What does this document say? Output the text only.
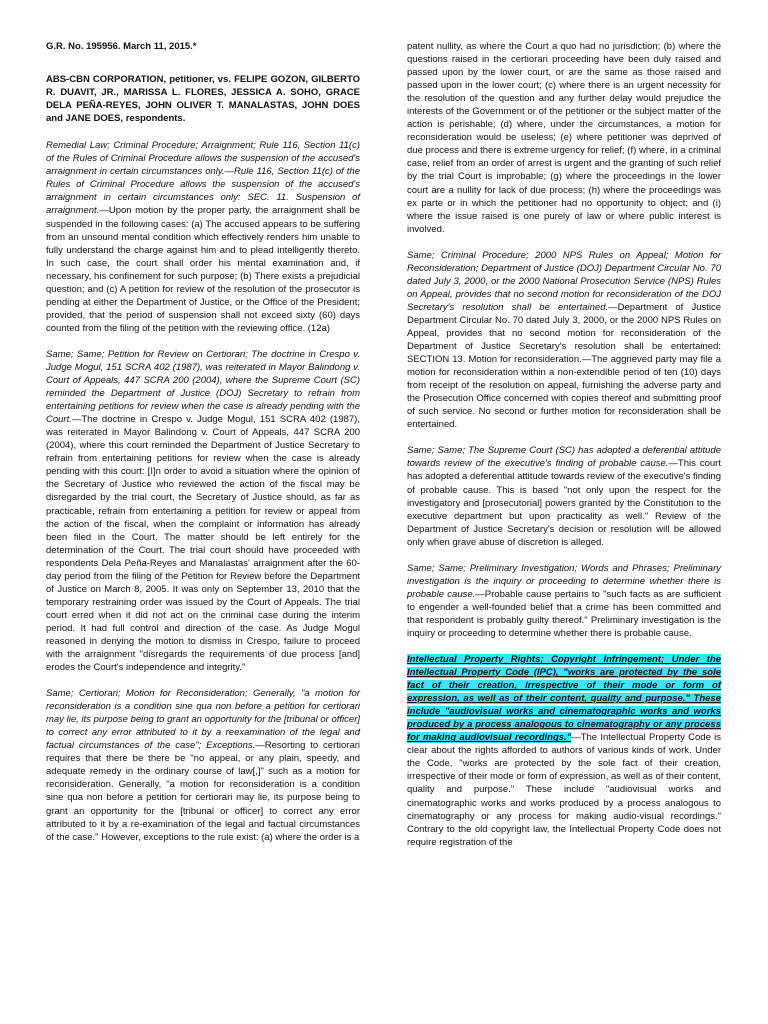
G.R. No. 195956. March 11, 2015.*

ABS-CBN CORPORATION, petitioner, vs. FELIPE GOZON, GILBERTO R. DUAVIT, JR., MARISSA L. FLORES, JESSICA A. SOHO, GRACE DELA PEÑA-REYES, JOHN OLIVER T. MANALASTAS, JOHN DOES and JANE DOES, respondents.

Remedial Law; Criminal Procedure; Arraignment; Rule 116, Section 11(c) of the Rules of Criminal Procedure allows the suspension of the accused's arraignment in certain circumstances only.—Rule 116, Section 11(c) of the Rules of Criminal Procedure allows the suspension of the accused's arraignment in certain circumstances only: SEC. 11. Suspension of arraignment.—Upon motion by the proper party, the arraignment shall be suspended in the following cases: (a) The accused appears to be suffering from an unsound mental condition which effectively renders him unable to fully understand the charge against him and to plead intelligently thereto. In such case, the court shall order his mental examination and, if necessary, his confinement for such purpose; (b) There exists a prejudicial question; and (c) A petition for review of the resolution of the prosecutor is pending at either the Department of Justice, or the Office of the President; provided, that the period of suspension shall not exceed sixty (60) days counted from the filing of the petition with the reviewing office. (12a)

Same; Same; Petition for Review on Certiorari; The doctrine in Crespo v. Judge Mogul, 151 SCRA 402 (1987), was reiterated in Mayor Balindong v. Court of Appeals, 447 SCRA 200 (2004), where the Supreme Court (SC) reminded the Department of Justice (DOJ) Secretary to refrain from entertaining petitions for review when the case is already pending with the Court.—The doctrine in Crespo v. Judge Mogul, 151 SCRA 402 (1987), was reiterated in Mayor Balindong v. Court of Appeals, 447 SCRA 200 (2004), where this court reminded the Department of Justice Secretary to refrain from entertaining petitions for review when the case is already pending with this court: [I]n order to avoid a situation where the opinion of the Secretary of Justice who reviewed the action of the fiscal may be disregarded by the trial court, the Secretary of Justice should, as far as practicable, refrain from entertaining a petition for review or appeal from the action of the fiscal, when the complaint or information has already been filed in the Court. The matter should be left entirely for the determination of the Court. The trial court should have proceeded with respondents Dela Peña-Reyes and Manalastas' arraignment after the 60-day period from the filing of the Petition for Review before the Department of Justice on March 8, 2005. It was only on September 13, 2010 that the temporary restraining order was issued by the Court of Appeals. The trial court erred when it did not act on the criminal case during the interim period. It had full control and direction of the case. As Judge Mogul reasoned in denying the motion to dismiss in Crespo, failure to proceed with the arraignment "disregards the requirements of due process [and] erodes the Court's independence and integrity."

Same; Certiorari; Motion for Reconsideration; Generally, "a motion for reconsideration is a condition sine qua non before a petition for certiorari may lie, its purpose being to grant an opportunity for the [tribunal or officer] to correct any error attributed to it by a reexamination of the legal and factual circumstances of the case"; Exceptions.—Resorting to certiorari requires that there be there be "no appeal, or any plain, speedy, and adequate remedy in the ordinary course of law[,]" such as a motion for reconsideration. Generally, "a motion for reconsideration is a condition sine qua non before a petition for certiorari may lie, its purpose being to grant an opportunity for the [tribunal or officer] to correct any error attributed to it by a re-examination of the legal and factual circumstances of the case." However, exceptions to the rule exist: (a) where the order is a

patent nullity, as where the Court a quo had no jurisdiction; (b) where the questions raised in the certiorari proceeding have been duly raised and passed upon by the lower court, or are the same as those raised and passed upon in the lower court; (c) where there is an urgent necessity for the resolution of the question and any further delay would prejudice the interests of the Government or of the petitioner or the subject matter of the action is perishable; (d) where, under the circumstances, a motion for reconsideration would be useless; (e) where petitioner was deprived of due process and there is extreme urgency for relief; (f) where, in a criminal case, relief from an order of arrest is urgent and the granting of such relief by the trial Court is improbable; (g) where the proceedings in the lower court are a nullity for lack of due process; (h) where the proceedings was ex parte or in which the petitioner had no opportunity to object; and (i) where the issue raised is one purely of law or where public interest is involved.

Same; Criminal Procedure; 2000 NPS Rules on Appeal; Motion for Reconsideration; Department of Justice (DOJ) Department Circular No. 70 dated July 3, 2000, or the 2000 National Prosecution Service (NPS) Rules on Appeal, provides that no second motion for reconsideration of the DOJ Secretary's resolution shall be entertained.—Department of Justice Department Circular No. 70 dated July 3, 2000, or the 2000 NPS Rules on Appeal, provides that no second motion for reconsideration of the Department of Justice Secretary's resolution shall be entertained: SECTION 13. Motion for reconsideration.—The aggrieved party may file a motion for reconsideration within a non-extendible period of ten (10) days from receipt of the resolution on appeal, furnishing the adverse party and the Prosecution Office concerned with copies thereof and submitting proof of such service. No second or further motion for reconsideration shall be entertained.

Same; Same; The Supreme Court (SC) has adopted a deferential attitude towards review of the executive's finding of probable cause.—This court has adopted a deferential attitude towards review of the executive's finding of probable cause. This is based "not only upon the respect for the investigatory and [prosecutorial] powers granted by the Constitution to the executive department but upon practicality as well." Review of the Department of Justice Secretary's decision or resolution will be allowed only when grave abuse of discretion is alleged.

Same; Same; Preliminary Investigation; Words and Phrases; Preliminary investigation is the inquiry or proceeding to determine whether there is probable cause.—Probable cause pertains to "such facts as are sufficient to engender a well-founded belief that a crime has been committed and that respondent is probably guilty thereof." Preliminary investigation is the inquiry or proceeding to determine whether there is probable cause.

Intellectual Property Rights; Copyright Infringement; Under the Intellectual Property Code (IPC), "works are protected by the sole fact of their creation, irrespective of their mode or form of expression, as well as of their content, quality and purpose." These include "audiovisual works and cinematographic works and works produced by a process analogous to cinematography or any process for making audiovisual recordings."—The Intellectual Property Code is clear about the rights afforded to authors of various kinds of work. Under the Code, "works are protected by the sole fact of their creation, irrespective of their mode or form of expression, as well as of their content, quality and purpose." These include "audiovisual works and cinematographic works and works produced by a process analogous to cinematography or any process for making audio-visual recordings." Contrary to the old copyright law, the Intellectual Property Code does not require registration of the
